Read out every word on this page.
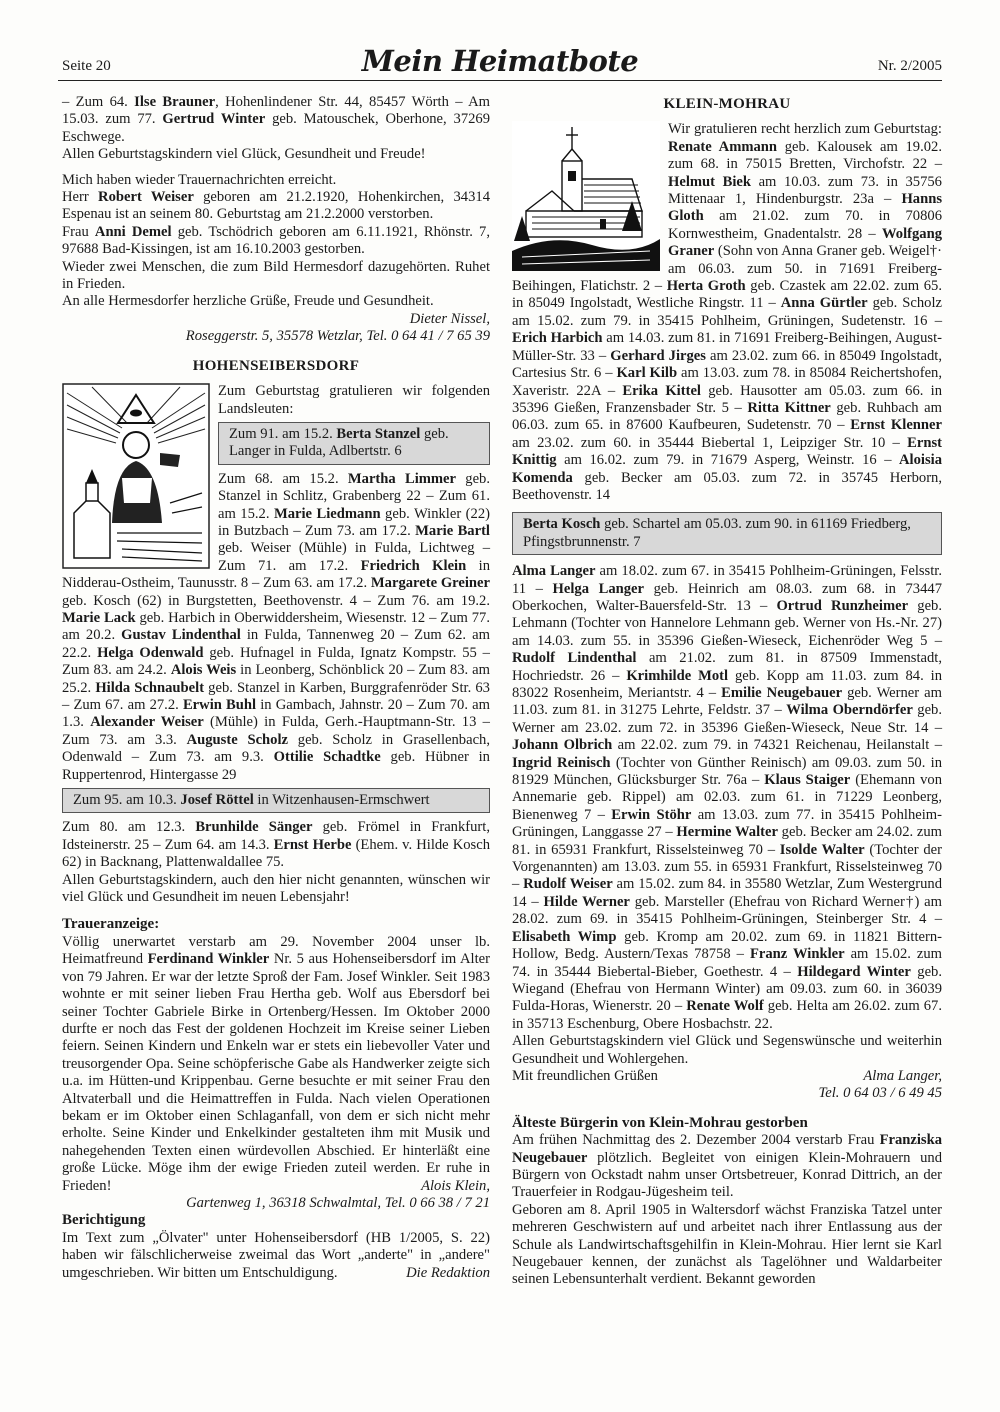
Seite 20	Mein Heimatbote	Nr. 2/2005

– Zum 64. Ilse Brauner, Hohenlindener Str. 44, 85457 Wörth – Am 15.03. zum 77. Gertrud Winter geb. Matouschek, Oberhone, 37269 Eschwege.

Allen Geburtstagskindern viel Glück, Gesundheit und Freude!

Mich haben wieder Trauernachrichten erreicht.

Herr Robert Weiser geboren am 21.2.1920, Hohenkirchen, 34314 Espenau ist an seinem 80. Geburtstag am 21.2.2000 verstorben.

Frau Anni Demel geb. Tschödrich geboren am 6.11.1921, Rhönstr. 7, 97688 Bad-Kissingen, ist am 16.10.2003 gestorben.

Wieder zwei Menschen, die zum Bild Hermesdorf dazugehörten. Ruhet in Frieden.

An alle Hermesdorfer herzliche Grüße, Freude und Gesundheit.

Dieter Nissel,

Roseggerstr. 5, 35578 Wetzlar, Tel. 0 64 41 / 7 65 39

HOHENSEIBERSDORF

Zum Geburtstag gratulieren wir folgenden Landsleuten:

Zum 91. am 15.2. Berta Stanzel geb. Langer in Fulda, Adlbertstr. 6

Zum 68. am 15.2. Martha Limmer geb. Stanzel in Schlitz, Grabenberg 22 – Zum 61. am 15.2. Marie Liedmann geb. Winkler (22) in Butzbach – Zum 73. am 17.2. Marie Bartl geb. Weiser (Mühle) in Fulda, Lichtweg – Zum 71. am 17.2. Friedrich Klein in Nidderau-Ostheim, Taunusstr. 8 – Zum 63. am 17.2. Margarete Greiner geb. Kosch (62) in Burgstetten, Beethovenstr. 4 – Zum 76. am 19.2. Marie Lack geb. Harbich in Oberwiddersheim, Wiesenstr. 12 – Zum 77. am 20.2. Gustav Lindenthal in Fulda, Tannenweg 20 – Zum 62. am 22.2. Helga Odenwald geb. Hufnagel in Fulda, Ignatz Kompstr. 55 – Zum 83. am 24.2. Alois Weis in Leonberg, Schönblick 20 – Zum 83. am 25.2. Hilda Schnaubelt geb. Stanzel in Karben, Burggrafenröder Str. 63 – Zum 67. am 27.2. Erwin Buhl in Gambach, Jahnstr. 20 – Zum 70. am 1.3. Alexander Weiser (Mühle) in Fulda, Gerh.-Hauptmann-Str. 13 – Zum 73. am 3.3. Auguste Scholz geb. Scholz in Grasellenbach, Odenwald – Zum 73. am 9.3. Ottilie Schadtke geb. Hübner in Ruppertenrod, Hintergasse 29

Zum 95. am 10.3. Josef Röttel in Witzenhausen-Ermschwert

Zum 80. am 12.3. Brunhilde Sänger geb. Frömel in Frankfurt, Idsteinerstr. 25 – Zum 64. am 14.3. Ernst Herbe (Ehem. v. Hilde Kosch 62) in Backnang, Plattenwaldallee 75.

Allen Geburtstagskindern, auch den hier nicht genannten, wünschen wir viel Glück und Gesundheit im neuen Lebensjahr!

Traueranzeige:

Völlig unerwartet verstarb am 29. November 2004 unser lb. Heimatfreund Ferdinand Winkler Nr. 5 aus Hohenseibersdorf im Alter von 79 Jahren. Er war der letzte Sproß der Fam. Josef Winkler. Seit 1983 wohnte er mit seiner lieben Frau Hertha geb. Wolf aus Ebersdorf bei seiner Tochter Gabriele Birke in Ortenberg/Hessen. Im Oktober 2000 durfte er noch das Fest der goldenen Hochzeit im Kreise seiner Lieben feiern. Seinen Kindern und Enkeln war er stets ein liebevoller Vater und treusorgender Opa. Seine schöpferische Gabe als Handwerker zeigte sich u.a. im Hütten-und Krippenbau. Gerne besuchte er mit seiner Frau den Altvaterball und die Heimattreffen in Fulda. Nach vielen Operationen bekam er im Oktober einen Schlaganfall, von dem er sich nicht mehr erholte. Seine Kinder und Enkelkinder gestalteten ihm mit Musik und nahegehenden Texten einen würdevollen Abschied. Er hinterläßt eine große Lücke. Möge ihm der ewige Frieden zuteil werden. Er ruhe in Frieden!	Alois Klein,

Gartenweg 1, 36318 Schwalmtal, Tel. 0 66 38 / 7 21

Berichtigung

Im Text zum „Ölvater" unter Hohenseibersdorf (HB 1/2005, S. 22) haben wir fälschlicherweise zweimal das Wort „anderte" in „andere" umgeschrieben. Wir bitten um Entschuldigung.	Die Redaktion

KLEIN-MOHRAU

Wir gratulieren recht herzlich zum Geburtstag: Renate Ammann geb. Kalousek am 19.02. zum 68. in 75015 Bretten, Virchofstr. 22 – Helmut Biek am 10.03. zum 73. in 35756 Mittenaar 1, Hindenburgstr. 23a – Hanns Gloth am 21.02. zum 70. in 70806 Kornwestheim, Gnadentalstr. 28 – Wolfgang Graner (Sohn von Anna Graner geb. Weigel†· am 06.03. zum 50. in 71691 Freiberg-Beihingen, Flatichstr. 2 – Herta Groth geb. Czastek am 22.02. zum 65. in 85049 Ingolstadt, Westliche Ringstr. 11 – Anna Gürtler geb. Scholz am 15.02. zum 79. in 35415 Pohlheim, Grüningen, Sudetenstr. 16 – Erich Harbich am 14.03. zum 81. in 71691 Freiberg-Beihingen, August-Müller-Str. 33 – Gerhard Jirges am 23.02. zum 66. in 85049 Ingolstadt, Cartesius Str. 6 – Karl Kilb am 13.03. zum 78. in 85084 Reichertshofen, Xaveristr. 22A – Erika Kittel geb. Hausotter am 05.03. zum 66. in 35396 Gießen, Franzensbader Str. 5 – Ritta Kittner geb. Ruhbach am 06.03. zum 65. in 87600 Kaufbeuren, Sudetenstr. 70 – Ernst Klenner am 23.02. zum 60. in 35444 Biebertal 1, Leipziger Str. 10 – Ernst Knittig am 16.02. zum 79. in 71679 Asperg, Weinstr. 16 – Aloisia Komenda geb. Becker am 05.03. zum 72. in 35745 Herborn, Beethovenstr. 14

Berta Kosch geb. Schartel am 05.03. zum 90. in 61169 Friedberg, Pfingstbrunnenstr. 7

Alma Langer am 18.02. zum 67. in 35415 Pohlheim-Grüningen, Felsstr. 11 – Helga Langer geb. Heinrich am 08.03. zum 68. in 73447 Oberkochen, Walter-Bauersfeld-Str. 13 – Ortrud Runzheimer geb. Lehmann (Tochter von Hannelore Lehmann geb. Werner von Hs.-Nr. 27) am 14.03. zum 55. in 35396 Gießen-Wieseck, Eichenröder Weg 5 – Rudolf Lindenthal am 21.02. zum 81. in 87509 Immenstadt, Hochriedstr. 26 – Krimhilde Motl geb. Kopp am 11.03. zum 84. in 83022 Rosenheim, Meriantstr. 4 – Emilie Neugebauer geb. Werner am 11.03. zum 81. in 31275 Lehrte, Feldstr. 37 – Wilma Oberndörfer geb. Werner am 23.02. zum 72. in 35396 Gießen-Wieseck, Neue Str. 14 – Johann Olbrich am 22.02. zum 79. in 74321 Reichenau, Heilanstalt – Ingrid Reinisch (Tochter von Günther Reinisch) am 09.03. zum 50. in 81929 München, Glücksburger Str. 76a – Klaus Staiger (Ehemann von Annemarie geb. Rippel) am 02.03. zum 61. in 71229 Leonberg, Bienenweg 7 – Erwin Stöhr am 13.03. zum 77. in 35415 Pohlheim-Grüningen, Langgasse 27 – Hermine Walter geb. Becker am 24.02. zum 81. in 65931 Frankfurt, Risselsteinweg 70 – Isolde Walter (Tochter der Vorgenannten) am 13.03. zum 55. in 65931 Frankfurt, Risselsteinweg 70 – Rudolf Weiser am 15.02. zum 84. in 35580 Wetzlar, Zum Westergrund 14 – Hilde Werner geb. Marsteller (Ehefrau von Richard Werner†) am 28.02. zum 69. in 35415 Pohlheim-Grüningen, Steinberger Str. 4 – Elisabeth Wimp geb. Kromp am 20.02. zum 69. in 11821 Bittern-Hollow, Bedg. Austern/Texas 78758 – Franz Winkler am 15.02. zum 74. in 35444 Biebertal-Bieber, Goethestr. 4 – Hildegard Winter geb. Wiegand (Ehefrau von Hermann Winter) am 09.03. zum 60. in 36039 Fulda-Horas, Wienerstr. 20 – Renate Wolf geb. Helta am 26.02. zum 67. in 35713 Eschenburg, Obere Hosbachstr. 22.

Allen Geburtstagskindern viel Glück und Segenswünsche und weiterhin Gesundheit und Wohlergehen.

Mit freundlichen Grüßen	Alma Langer,

Tel. 0 64 03 / 6 49 45

Älteste Bürgerin von Klein-Mohrau gestorben

Am frühen Nachmittag des 2. Dezember 2004 verstarb Frau Franziska Neugebauer plötzlich. Begleitet von einigen Klein-Mohrauern und Bürgern von Ockstadt nahm unser Ortsbetreuer, Konrad Dittrich, an der Trauerfeier in Rodgau-Jügesheim teil.

Geboren am 8. April 1905 in Waltersdorf wächst Franziska Tatzel unter mehreren Geschwistern auf und arbeitet nach ihrer Entlassung aus der Schule als Landwirtschaftsgehilfin in Klein-Mohrau. Hier lernt sie Karl Neugebauer kennen, der zunächst als Tagelöhner und Waldarbeiter seinen Lebensunterhalt verdient. Bekannt geworden
